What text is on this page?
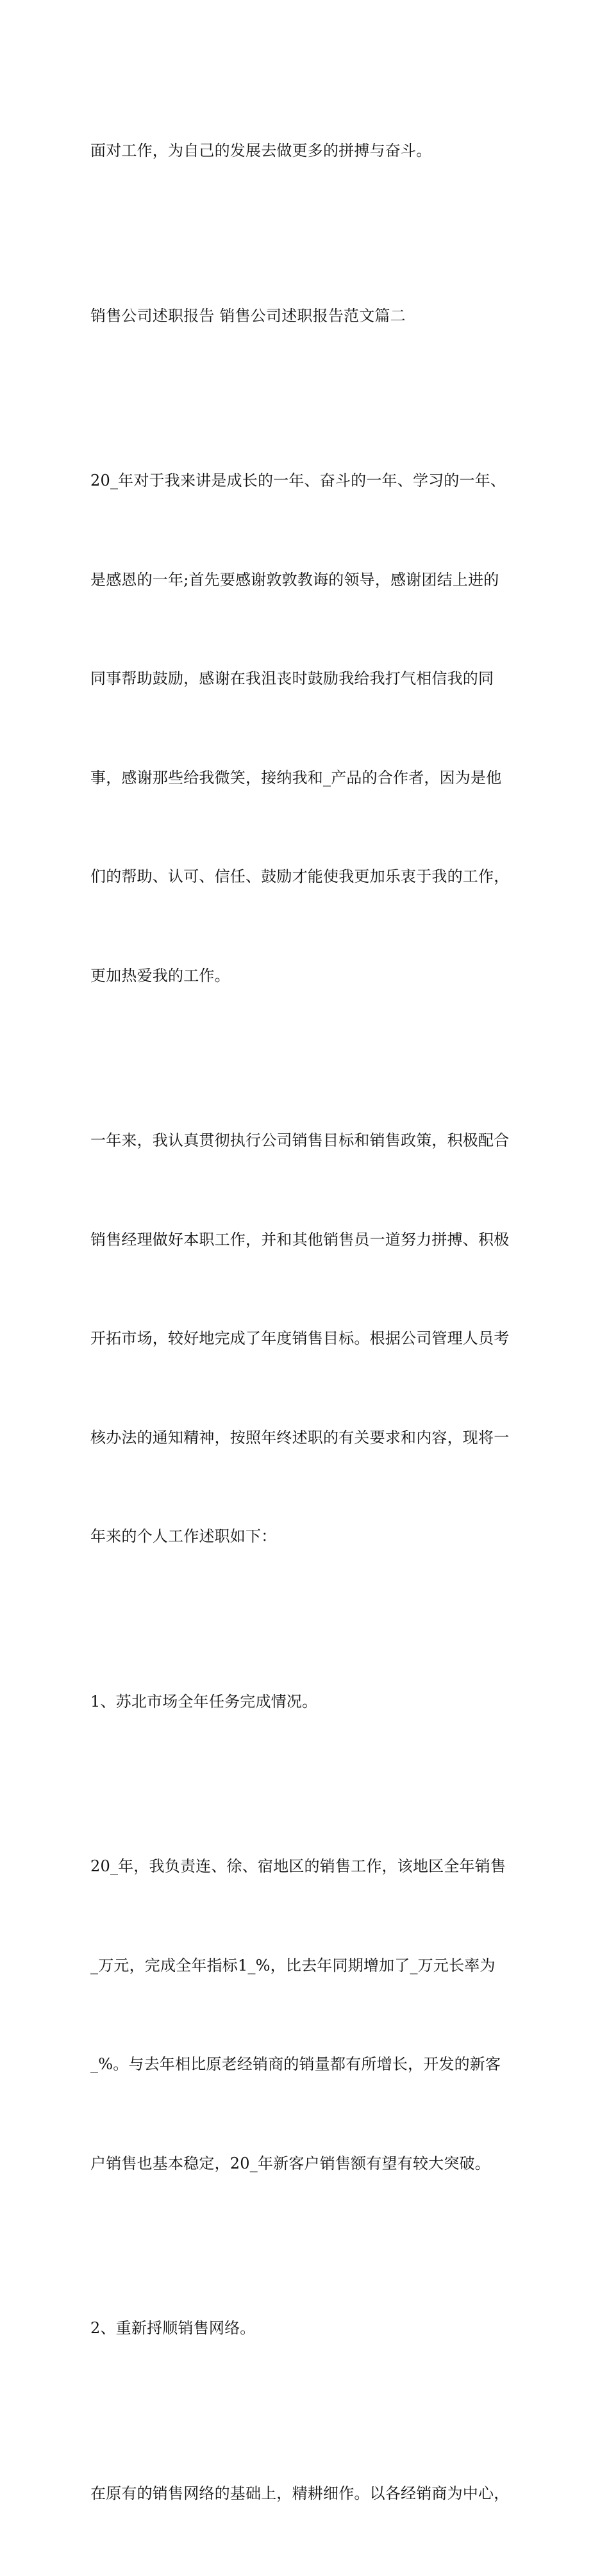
面对工作，为自己的发展去做更多的拼搏与奋斗。

销售公司述职报告 销售公司述职报告范文篇二

20_年对于我来讲是成长的一年、奋斗的一年、学习的一年、

是感恩的一年;首先要感谢敦敦教诲的领导，感谢团结上进的

同事帮助鼓励，感谢在我沮丧时鼓励我给我打气相信我的同

事，感谢那些给我微笑，接纳我和_产品的合作者，因为是他

们的帮助、认可、信任、鼓励才能使我更加乐衷于我的工作，

更加热爱我的工作。

一年来，我认真贯彻执行公司销售目标和销售政策，积极配合

销售经理做好本职工作，并和其他销售员一道努力拼搏、积极

开拓市场，较好地完成了年度销售目标。根据公司管理人员考

核办法的通知精神，按照年终述职的有关要求和内容，现将一

年来的个人工作述职如下：

1、苏北市场全年任务完成情况。

20_年，我负责连、徐、宿地区的销售工作，该地区全年销售

_万元，完成全年指标1_%，比去年同期增加了_万元长率为

_%。与去年相比原老经销商的销量都有所增长，开发的新客

户销售也基本稳定，20_年新客户销售额有望有较大突破。

2、重新捋顺销售网络。

在原有的销售网络的基础上，精耕细作。以各经销商为中心，
